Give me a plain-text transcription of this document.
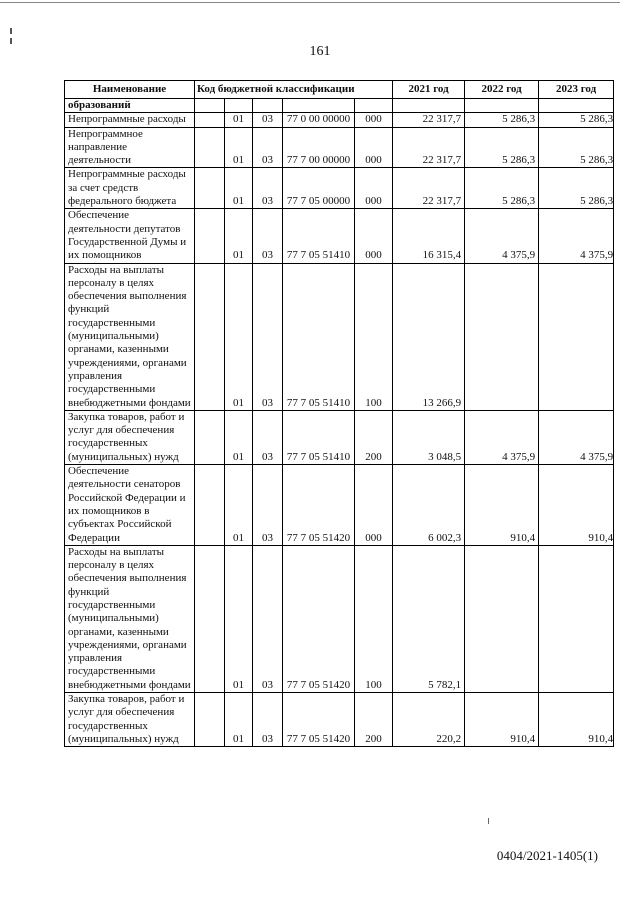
161
Наименование	Код бюджетной классификации					2021 год	2022 год	2023 год
образований								
Непрограммные расходы		01	03	77 0 00 00000	000	22 317,7	5 286,3	5 286,3
Непрограммное направление деятельности		01	03	77 7 00 00000	000	22 317,7	5 286,3	5 286,3
Непрограммные расходы за счет средств федерального бюджета		01	03	77 7 05 00000	000	22 317,7	5 286,3	5 286,3
Обеспечение деятельности депутатов Государственной Думы и их помощников		01	03	77 7 05 51410	000	16 315,4	4 375,9	4 375,9
Расходы на выплаты персоналу в целях обеспечения выполнения функций государственными (муниципальными) органами, казенными учреждениями, органами управления государственными внебюджетными фондами		01	03	77 7 05 51410	100	13 266,9		
Закупка товаров, работ и услуг для обеспечения государственных (муниципальных) нужд		01	03	77 7 05 51410	200	3 048,5	4 375,9	4 375,9
Обеспечение деятельности сенаторов Российской Федерации и их помощников в субъектах Российской Федерации		01	03	77 7 05 51420	000	6 002,3	910,4	910,4
Расходы на выплаты персоналу в целях обеспечения выполнения функций государственными (муниципальными) органами, казенными учреждениями, органами управления государственными внебюджетными фондами		01	03	77 7 05 51420	100	5 782,1		
Закупка товаров, работ и услуг для обеспечения государственных (муниципальных) нужд		01	03	77 7 05 51420	200	220,2	910,4	910,4
0404/2021-1405(1)
